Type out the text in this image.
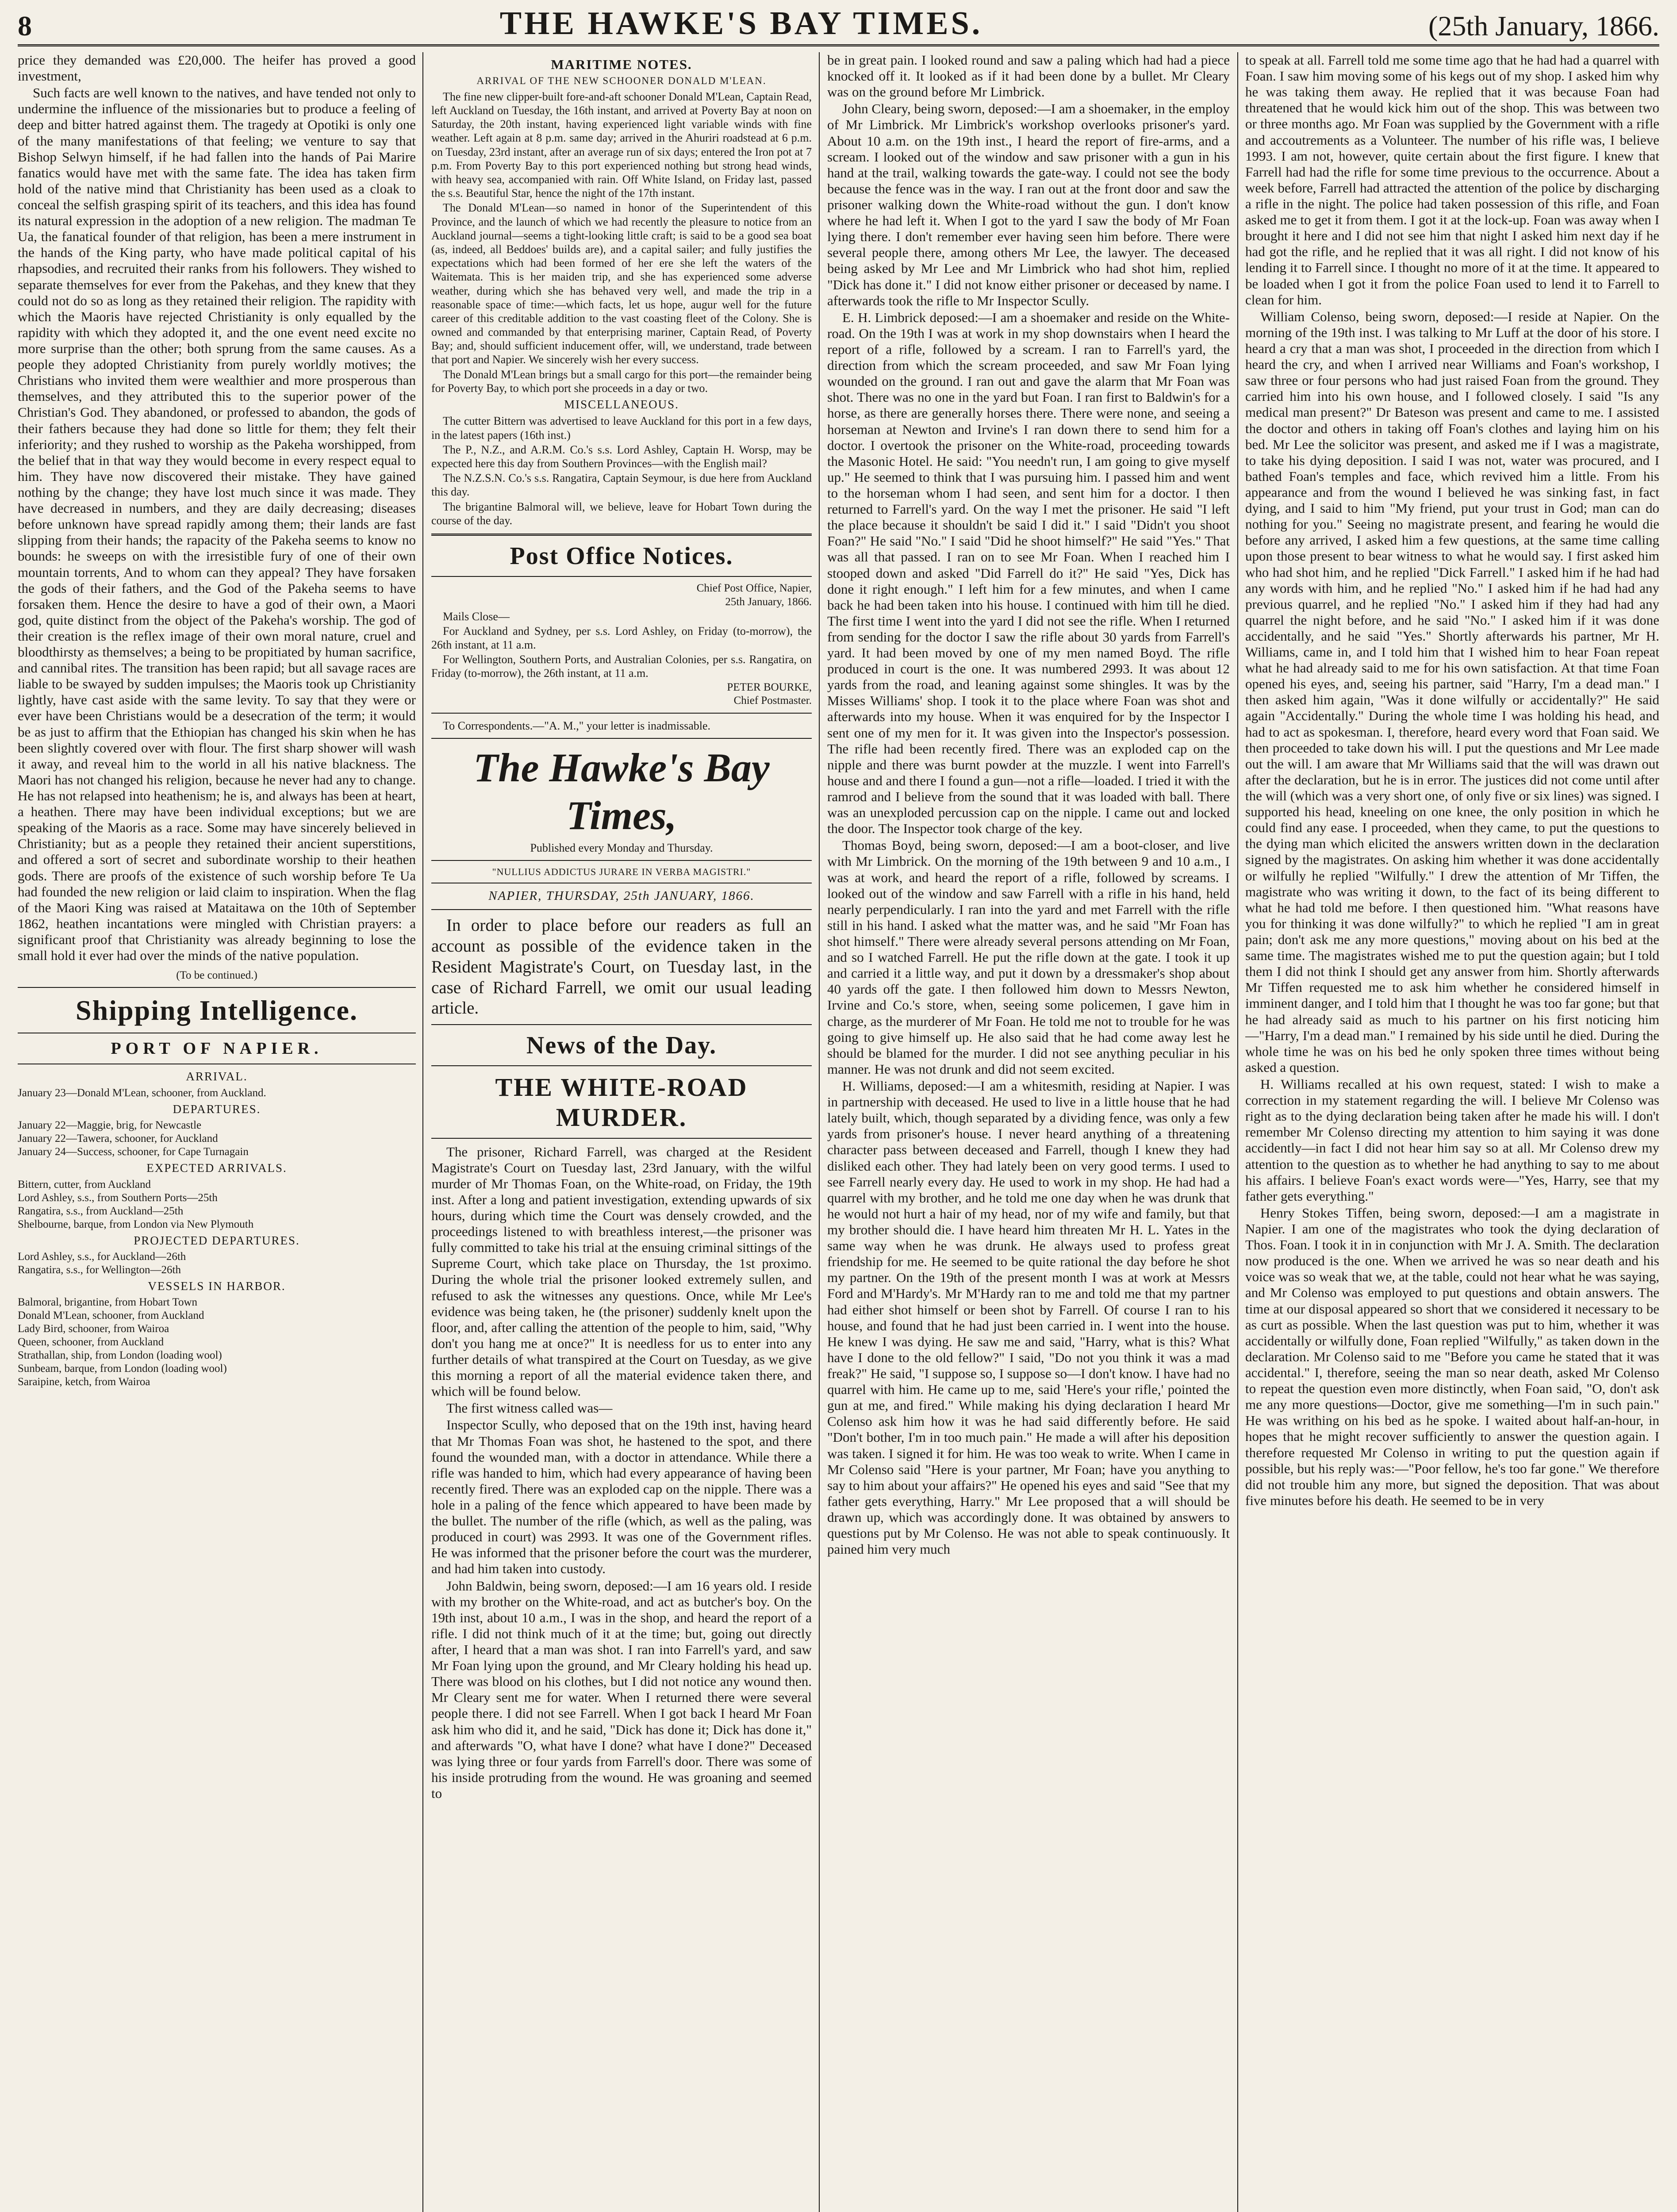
8	THE HAWKE'S BAY TIMES.	(25th January, 1866.

price they demanded was £20,000. The heifer has proved a good investment,

Such facts are well known to the natives, and have tended not only to undermine the influence of the missionaries but to produce a feeling of deep and bitter hatred against them. The tragedy at Opotiki is only one of the many manifestations of that feeling; we venture to say that Bishop Selwyn himself, if he had fallen into the hands of Pai Marire fanatics would have met with the same fate. The idea has taken firm hold of the native mind that Christianity has been used as a cloak to conceal the selfish grasping spirit of its teachers, and this idea has found its natural expression in the adoption of a new religion. The madman Te Ua, the fanatical founder of that religion, has been a mere instrument in the hands of the King party, who have made political capital of his rhapsodies, and recruited their ranks from his followers. They wished to separate themselves for ever from the Pakehas, and they knew that they could not do so as long as they retained their religion. The rapidity with which the Maoris have rejected Christianity is only equalled by the rapidity with which they adopted it, and the one event need excite no more surprise than the other; both sprung from the same causes. As a people they adopted Christianity from purely worldly motives; the Christians who invited them were wealthier and more prosperous than themselves, and they attributed this to the superior power of the Christian's God. They abandoned, or professed to abandon, the gods of their fathers because they had done so little for them; they felt their inferiority; and they rushed to worship as the Pakeha worshipped, from the belief that in that way they would become in every respect equal to him. They have now discovered their mistake. They have gained nothing by the change; they have lost much since it was made. They have decreased in numbers, and they are daily decreasing; diseases before unknown have spread rapidly among them; their lands are fast slipping from their hands; the rapacity of the Pakeha seems to know no bounds: he sweeps on with the irresistible fury of one of their own mountain torrents, And to whom can they appeal? They have forsaken the gods of their fathers, and the God of the Pakeha seems to have forsaken them. Hence the desire to have a god of their own, a Maori god, quite distinct from the object of the Pakeha's worship. The god of their creation is the reflex image of their own moral nature, cruel and bloodthirsty as themselves; a being to be propitiated by human sacrifice, and cannibal rites. The transition has been rapid; but all savage races are liable to be swayed by sudden impulses; the Maoris took up Christianity lightly, have cast aside with the same levity. To say that they were or ever have been Christians would be a desecration of the term; it would be as just to affirm that the Ethiopian has changed his skin when he has been slightly covered over with flour. The first sharp shower will wash it away, and reveal him to the world in all his native blackness. The Maori has not changed his religion, because he never had any to change. He has not relapsed into heathenism; he is, and always has been at heart, a heathen. There may have been individual exceptions; but we are speaking of the Maoris as a race. Some may have sincerely believed in Christianity; but as a people they retained their ancient superstitions, and offered a sort of secret and subordinate worship to their heathen gods. There are proofs of the existence of such worship before Te Ua had founded the new religion or laid claim to inspiration. When the flag of the Maori King was raised at Mataitawa on the 10th of September 1862, heathen incantations were mingled with Christian prayers: a significant proof that Christianity was already beginning to lose the small hold it ever had over the minds of the native population.

(To be continued.)

Shipping Intelligence.
PORT OF NAPIER.
ARRIVAL.

January 23—Donald M'Lean, schooner, from Auckland.

DEPARTURES.

January 22—Maggie, brig, for Newcastle

January 22—Tawera, schooner, for Auckland

January 24—Success, schooner, for Cape Turnagain

EXPECTED ARRIVALS.

Bittern, cutter, from Auckland

Lord Ashley, s.s., from Southern Ports—25th

Rangatira, s.s., from Auckland—25th

Shelbourne, barque, from London via New Plymouth

PROJECTED DEPARTURES.

Lord Ashley, s.s., for Auckland—26th

Rangatira, s.s., for Wellington—26th

VESSELS IN HARBOR.

Balmoral, brigantine, from Hobart Town

Donald M'Lean, schooner, from Auckland

Lady Bird, schooner, from Wairoa

Queen, schooner, from Auckland

Strathallan, ship, from London (loading wool)

Sunbeam, barque, from London (loading wool)

Saraipine, ketch, from Wairoa

MARITIME NOTES.
ARRIVAL OF THE NEW SCHOONER DONALD M'LEAN.

The fine new clipper-built fore-and-aft schooner Donald M'Lean, Captain Read, left Auckland on Tuesday, the 16th instant, and arrived at Poverty Bay at noon on Saturday, the 20th instant, having experienced light variable winds with fine weather. Left again at 8 p.m. same day; arrived in the Ahuriri roadstead at 6 p.m. on Tuesday, 23rd instant, after an average run of six days; entered the Iron pot at 7 p.m. From Poverty Bay to this port experienced nothing but strong head winds, with heavy sea, accompanied with rain. Off White Island, on Friday last, passed the s.s. Beautiful Star, hence the night of the 17th instant.

The Donald M'Lean—so named in honor of the Superintendent of this Province, and the launch of which we had recently the pleasure to notice from an Auckland journal—seems a tight-looking little craft; is said to be a good sea boat (as, indeed, all Beddoes' builds are), and a capital sailer; and fully justifies the expectations which had been formed of her ere she left the waters of the Waitemata. This is her maiden trip, and she has experienced some adverse weather, during which she has behaved very well, and made the trip in a reasonable space of time:—which facts, let us hope, augur well for the future career of this creditable addition to the vast coasting fleet of the Colony. She is owned and commanded by that enterprising mariner, Captain Read, of Poverty Bay; and, should sufficient inducement offer, will, we understand, trade between that port and Napier. We sincerely wish her every success.

The Donald M'Lean brings but a small cargo for this port—the remainder being for Poverty Bay, to which port she proceeds in a day or two.

MISCELLANEOUS.

The cutter Bittern was advertised to leave Auckland for this port in a few days, in the latest papers (16th inst.)

The P., N.Z., and A.R.M. Co.'s s.s. Lord Ashley, Captain H. Worsp, may be expected here this day from Southern Provinces—with the English mail?

The N.Z.S.N. Co.'s s.s. Rangatira, Captain Seymour, is due here from Auckland this day.

The brigantine Balmoral will, we believe, leave for Hobart Town during the course of the day.

Post Office Notices.

Chief Post Office, Napier,

25th January, 1866.

Mails Close—

For Auckland and Sydney, per s.s. Lord Ashley, on Friday (to-morrow), the 26th instant, at 11 a.m.

For Wellington, Southern Ports, and Australian Colonies, per s.s. Rangatira, on Friday (to-morrow), the 26th instant, at 11 a.m.

PETER BOURKE,

Chief Postmaster.

To Correspondents.—"A. M.," your letter is inadmissable.

The Hawke's Bay Times,

Published every Monday and Thursday.

"NULLIUS ADDICTUS JURARE IN VERBA MAGISTRI."

NAPIER, THURSDAY, 25th JANUARY, 1866.

In order to place before our readers as full an account as possible of the evidence taken in the Resident Magistrate's Court, on Tuesday last, in the case of Richard Farrell, we omit our usual leading article.

News of the Day.
THE WHITE-ROAD MURDER.

The prisoner, Richard Farrell, was charged at the Resident Magistrate's Court on Tuesday last, 23rd January, with the wilful murder of Mr Thomas Foan, on the White-road, on Friday, the 19th inst. After a long and patient investigation, extending upwards of six hours, during which time the Court was densely crowded, and the proceedings listened to with breathless interest,—the prisoner was fully committed to take his trial at the ensuing criminal sittings of the Supreme Court, which take place on Thursday, the 1st proximo. During the whole trial the prisoner looked extremely sullen, and refused to ask the witnesses any questions. Once, while Mr Lee's evidence was being taken, he (the prisoner) suddenly knelt upon the floor, and, after calling the attention of the people to him, said, "Why don't you hang me at once?" It is needless for us to enter into any further details of what transpired at the Court on Tuesday, as we give this morning a report of all the material evidence taken there, and which will be found below.

The first witness called was—

Inspector Scully, who deposed that on the 19th inst, having heard that Mr Thomas Foan was shot, he hastened to the spot, and there found the wounded man, with a doctor in attendance. While there a rifle was handed to him, which had every appearance of having been recently fired. There was an exploded cap on the nipple. There was a hole in a paling of the fence which appeared to have been made by the bullet. The number of the rifle (which, as well as the paling, was produced in court) was 2993. It was one of the Government rifles. He was informed that the prisoner before the court was the murderer, and had him taken into custody.

John Baldwin, being sworn, deposed:—I am 16 years old. I reside with my brother on the White-road, and act as butcher's boy. On the 19th inst, about 10 a.m., I was in the shop, and heard the report of a rifle. I did not think much of it at the time; but, going out directly after, I heard that a man was shot. I ran into Farrell's yard, and saw Mr Foan lying upon the ground, and Mr Cleary holding his head up. There was blood on his clothes, but I did not notice any wound then. Mr Cleary sent me for water. When I returned there were several people there. I did not see Farrell. When I got back I heard Mr Foan ask him who did it, and he said, "Dick has done it; Dick has done it," and afterwards "O, what have I done? what have I done?" Deceased was lying three or four yards from Farrell's door. There was some of his inside protruding from the wound. He was groaning and seemed to

be in great pain. I looked round and saw a paling which had had a piece knocked off it. It looked as if it had been done by a bullet. Mr Cleary was on the ground before Mr Limbrick.

John Cleary, being sworn, deposed:—I am a shoemaker, in the employ of Mr Limbrick. Mr Limbrick's workshop overlooks prisoner's yard. About 10 a.m. on the 19th inst., I heard the report of fire-arms, and a scream. I looked out of the window and saw prisoner with a gun in his hand at the trail, walking towards the gate-way. I could not see the body because the fence was in the way. I ran out at the front door and saw the prisoner walking down the White-road without the gun. I don't know where he had left it. When I got to the yard I saw the body of Mr Foan lying there. I don't remember ever having seen him before. There were several people there, among others Mr Lee, the lawyer. The deceased being asked by Mr Lee and Mr Limbrick who had shot him, replied "Dick has done it." I did not know either prisoner or deceased by name. I afterwards took the rifle to Mr Inspector Scully.

E. H. Limbrick deposed:—I am a shoemaker and reside on the White-road. On the 19th I was at work in my shop downstairs when I heard the report of a rifle, followed by a scream. I ran to Farrell's yard, the direction from which the scream proceeded, and saw Mr Foan lying wounded on the ground. I ran out and gave the alarm that Mr Foan was shot. There was no one in the yard but Foan. I ran first to Baldwin's for a horse, as there are generally horses there. There were none, and seeing a horseman at Newton and Irvine's I ran down there to send him for a doctor. I overtook the prisoner on the White-road, proceeding towards the Masonic Hotel. He said: "You needn't run, I am going to give myself up." He seemed to think that I was pursuing him. I passed him and went to the horseman whom I had seen, and sent him for a doctor. I then returned to Farrell's yard. On the way I met the prisoner. He said "I left the place because it shouldn't be said I did it." I said "Didn't you shoot Foan?" He said "No." I said "Did he shoot himself?" He said "Yes." That was all that passed. I ran on to see Mr Foan. When I reached him I stooped down and asked "Did Farrell do it?" He said "Yes, Dick has done it right enough." I left him for a few minutes, and when I came back he had been taken into his house. I continued with him till he died. The first time I went into the yard I did not see the rifle. When I returned from sending for the doctor I saw the rifle about 30 yards from Farrell's yard. It had been moved by one of my men named Boyd. The rifle produced in court is the one. It was numbered 2993. It was about 12 yards from the road, and leaning against some shingles. It was by the Misses Williams' shop. I took it to the place where Foan was shot and afterwards into my house. When it was enquired for by the Inspector I sent one of my men for it. It was given into the Inspector's possession. The rifle had been recently fired. There was an exploded cap on the nipple and there was burnt powder at the muzzle. I went into Farrell's house and and there I found a gun—not a rifle—loaded. I tried it with the ramrod and I believe from the sound that it was loaded with ball. There was an unexploded percussion cap on the nipple. I came out and locked the door. The Inspector took charge of the key.

Thomas Boyd, being sworn, deposed:—I am a boot-closer, and live with Mr Limbrick. On the morning of the 19th between 9 and 10 a.m., I was at work, and heard the report of a rifle, followed by screams. I looked out of the window and saw Farrell with a rifle in his hand, held nearly perpendicularly. I ran into the yard and met Farrell with the rifle still in his hand. I asked what the matter was, and he said "Mr Foan has shot himself." There were already several persons attending on Mr Foan, and so I watched Farrell. He put the rifle down at the gate. I took it up and carried it a little way, and put it down by a dressmaker's shop about 40 yards off the gate. I then followed him down to Messrs Newton, Irvine and Co.'s store, when, seeing some policemen, I gave him in charge, as the murderer of Mr Foan. He told me not to trouble for he was going to give himself up. He also said that he had come away lest he should be blamed for the murder. I did not see anything peculiar in his manner. He was not drunk and did not seem excited.

H. Williams, deposed:—I am a whitesmith, residing at Napier. I was in partnership with deceased. He used to live in a little house that he had lately built, which, though separated by a dividing fence, was only a few yards from prisoner's house. I never heard anything of a threatening character pass between deceased and Farrell, though I knew they had disliked each other. They had lately been on very good terms. I used to see Farrell nearly every day. He used to work in my shop. He had had a quarrel with my brother, and he told me one day when he was drunk that he would not hurt a hair of my head, nor of my wife and family, but that my brother should die. I have heard him threaten Mr H. L. Yates in the same way when he was drunk. He always used to profess great friendship for me. He seemed to be quite rational the day before he shot my partner. On the 19th of the present month I was at work at Messrs Ford and M'Hardy's. Mr M'Hardy ran to me and told me that my partner had either shot himself or been shot by Farrell. Of course I ran to his house, and found that he had just been carried in. I went into the house. He knew I was dying. He saw me and said, "Harry, what is this? What have I done to the old fellow?" I said, "Do not you think it was a mad freak?" He said, "I suppose so, I suppose so—I don't know. I have had no quarrel with him. He came up to me, said 'Here's your rifle,' pointed the gun at me, and fired." While making his dying declaration I heard Mr Colenso ask him how it was he had said differently before. He said "Don't bother, I'm in too much pain." He made a will after his deposition was taken. I signed it for him. He was too weak to write. When I came in Mr Colenso said "Here is your partner, Mr Foan; have you anything to say to him about your affairs?" He opened his eyes and said "See that my father gets everything, Harry." Mr Lee proposed that a will should be drawn up, which was accordingly done. It was obtained by answers to questions put by Mr Colenso. He was not able to speak continuously. It pained him very much

to speak at all. Farrell told me some time ago that he had had a quarrel with Foan. I saw him moving some of his kegs out of my shop. I asked him why he was taking them away. He replied that it was because Foan had threatened that he would kick him out of the shop. This was between two or three months ago. Mr Foan was supplied by the Government with a rifle and accoutrements as a Volunteer. The number of his rifle was, I believe 1993. I am not, however, quite certain about the first figure. I knew that Farrell had had the rifle for some time previous to the occurrence. About a week before, Farrell had attracted the attention of the police by discharging a rifle in the night. The police had taken possession of this rifle, and Foan asked me to get it from them. I got it at the lock-up. Foan was away when I brought it here and I did not see him that night I asked him next day if he had got the rifle, and he replied that it was all right. I did not know of his lending it to Farrell since. I thought no more of it at the time. It appeared to be loaded when I got it from the police Foan used to lend it to Farrell to clean for him.

William Colenso, being sworn, deposed:—I reside at Napier. On the morning of the 19th inst. I was talking to Mr Luff at the door of his store. I heard a cry that a man was shot, I proceeded in the direction from which I heard the cry, and when I arrived near Williams and Foan's workshop, I saw three or four persons who had just raised Foan from the ground. They carried him into his own house, and I followed closely. I said "Is any medical man present?" Dr Bateson was present and came to me. I assisted the doctor and others in taking off Foan's clothes and laying him on his bed. Mr Lee the solicitor was present, and asked me if I was a magistrate, to take his dying deposition. I said I was not, water was procured, and I bathed Foan's temples and face, which revived him a little. From his appearance and from the wound I believed he was sinking fast, in fact dying, and I said to him "My friend, put your trust in God; man can do nothing for you." Seeing no magistrate present, and fearing he would die before any arrived, I asked him a few questions, at the same time calling upon those present to bear witness to what he would say. I first asked him who had shot him, and he replied "Dick Farrell." I asked him if he had had any words with him, and he replied "No." I asked him if he had had any previous quarrel, and he replied "No." I asked him if they had had any quarrel the night before, and he said "No." I asked him if it was done accidentally, and he said "Yes." Shortly afterwards his partner, Mr H. Williams, came in, and I told him that I wished him to hear Foan repeat what he had already said to me for his own satisfaction. At that time Foan opened his eyes, and, seeing his partner, said "Harry, I'm a dead man." I then asked him again, "Was it done wilfully or accidentally?" He said again "Accidentally." During the whole time I was holding his head, and had to act as spokesman. I, therefore, heard every word that Foan said. We then proceeded to take down his will. I put the questions and Mr Lee made out the will. I am aware that Mr Williams said that the will was drawn out after the declaration, but he is in error. The justices did not come until after the will (which was a very short one, of only five or six lines) was signed. I supported his head, kneeling on one knee, the only position in which he could find any ease. I proceeded, when they came, to put the questions to the dying man which elicited the answers written down in the declaration signed by the magistrates. On asking him whether it was done accidentally or wilfully he replied "Wilfully." I drew the attention of Mr Tiffen, the magistrate who was writing it down, to the fact of its being different to what he had told me before. I then questioned him. "What reasons have you for thinking it was done wilfully?" to which he replied "I am in great pain; don't ask me any more questions," moving about on his bed at the same time. The magistrates wished me to put the question again; but I told them I did not think I should get any answer from him. Shortly afterwards Mr Tiffen requested me to ask him whether he considered himself in imminent danger, and I told him that I thought he was too far gone; but that he had already said as much to his partner on his first noticing him—"Harry, I'm a dead man." I remained by his side until he died. During the whole time he was on his bed he only spoken three times without being asked a question.

H. Williams recalled at his own request, stated: I wish to make a correction in my statement regarding the will. I believe Mr Colenso was right as to the dying declaration being taken after he made his will. I don't remember Mr Colenso directing my attention to him saying it was done accidently—in fact I did not hear him say so at all. Mr Colenso drew my attention to the question as to whether he had anything to say to me about his affairs. I believe Foan's exact words were—"Yes, Harry, see that my father gets everything."

Henry Stokes Tiffen, being sworn, deposed:—I am a magistrate in Napier. I am one of the magistrates who took the dying declaration of Thos. Foan. I took it in in conjunction with Mr J. A. Smith. The declaration now produced is the one. When we arrived he was so near death and his voice was so weak that we, at the table, could not hear what he was saying, and Mr Colenso was employed to put questions and obtain answers. The time at our disposal appeared so short that we considered it necessary to be as curt as possible. When the last question was put to him, whether it was accidentally or wilfully done, Foan replied "Wilfully," as taken down in the declaration. Mr Colenso said to me "Before you came he stated that it was accidental." I, therefore, seeing the man so near death, asked Mr Colenso to repeat the question even more distinctly, when Foan said, "O, don't ask me any more questions—Doctor, give me something—I'm in such pain." He was writhing on his bed as he spoke. I waited about half-an-hour, in hopes that he might recover sufficiently to answer the question again. I therefore requested Mr Colenso in writing to put the question again if possible, but his reply was:—"Poor fellow, he's too far gone." We therefore did not trouble him any more, but signed the deposition. That was about five minutes before his death. He seemed to be in very
